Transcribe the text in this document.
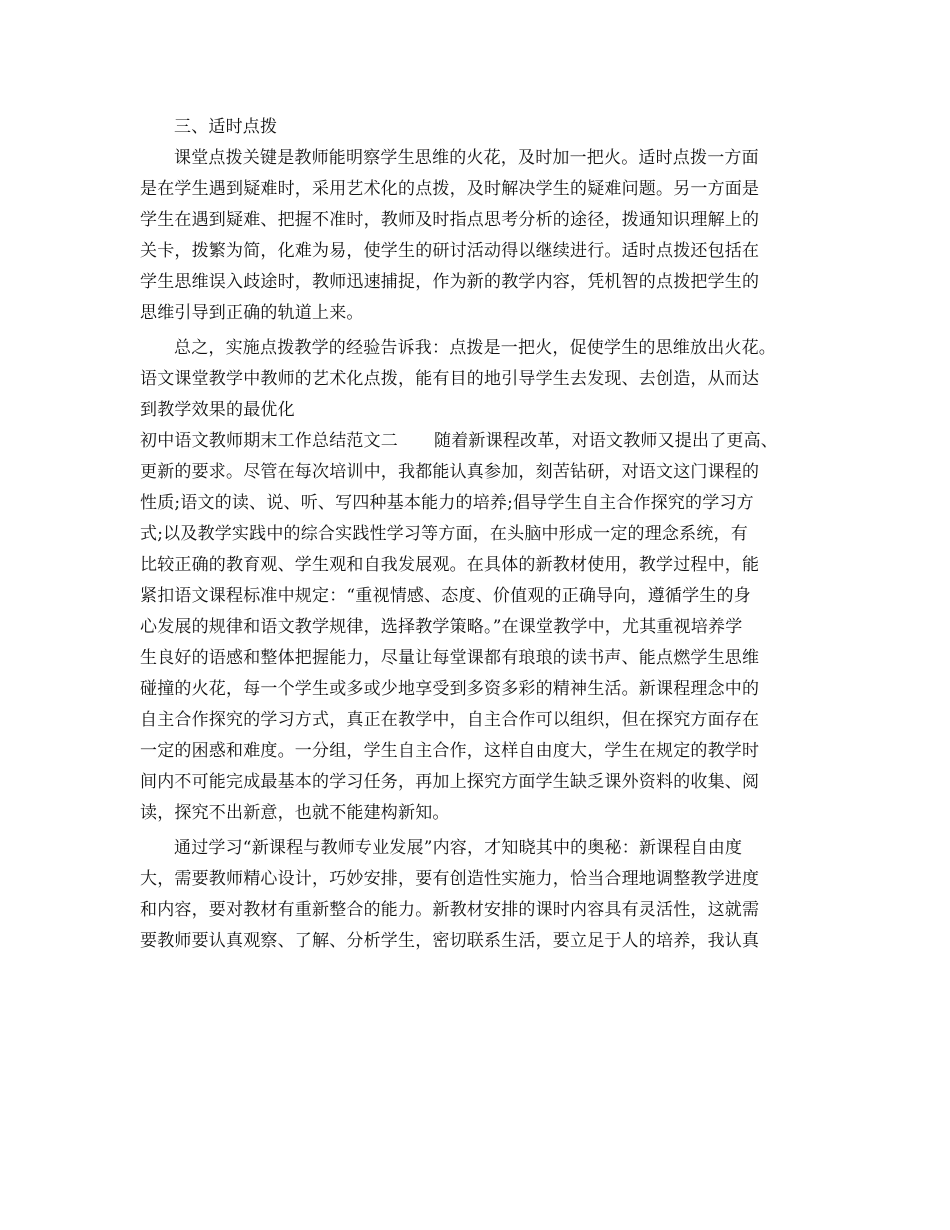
三、适时点拨
课堂点拨关键是教师能明察学生思维的火花，及时加一把火。适时点拨一方面
是在学生遇到疑难时，采用艺术化的点拨，及时解决学生的疑难问题。另一方面是
学生在遇到疑难、把握不准时，教师及时指点思考分析的途径，拨通知识理解上的
关卡，拨繁为简，化难为易，使学生的研讨活动得以继续进行。适时点拨还包括在
学生思维误入歧途时，教师迅速捕捉，作为新的教学内容，凭机智的点拨把学生的
思维引导到正确的轨道上来。
总之，实施点拨教学的经验告诉我：点拨是一把火，促使学生的思维放出火花。
语文课堂教学中教师的艺术化点拨，能有目的地引导学生去发现、去创造，从而达
到教学效果的最优化
初中语文教师期末工作总结范文二 随着新课程改革，对语文教师又提出了更高、
更新的要求。尽管在每次培训中，我都能认真参加，刻苦钻研，对语文这门课程的
性质;语文的读、说、听、写四种基本能力的培养;倡导学生自主合作探究的学习方
式;以及教学实践中的综合实践性学习等方面，在头脑中形成一定的理念系统，有
比较正确的教育观、学生观和自我发展观。在具体的新教材使用，教学过程中，能
紧扣语文课程标准中规定：“重视情感、态度、价值观的正确导向，遵循学生的身
心发展的规律和语文教学规律，选择教学策略。”在课堂教学中，尤其重视培养学
生良好的语感和整体把握能力，尽量让每堂课都有琅琅的读书声、能点燃学生思维
碰撞的火花，每一个学生或多或少地享受到多资多彩的精神生活。新课程理念中的
自主合作探究的学习方式，真正在教学中，自主合作可以组织，但在探究方面存在
一定的困惑和难度。一分组，学生自主合作，这样自由度大，学生在规定的教学时
间内不可能完成最基本的学习任务，再加上探究方面学生缺乏课外资料的收集、阅
读，探究不出新意，也就不能建构新知。
通过学习“新课程与教师专业发展”内容，才知晓其中的奥秘：新课程自由度
大，需要教师精心设计，巧妙安排，要有创造性实施力，恰当合理地调整教学进度
和内容，要对教材有重新整合的能力。新教材安排的课时内容具有灵活性，这就需
要教师要认真观察、了解、分析学生，密切联系生活，要立足于人的培养，我认真
